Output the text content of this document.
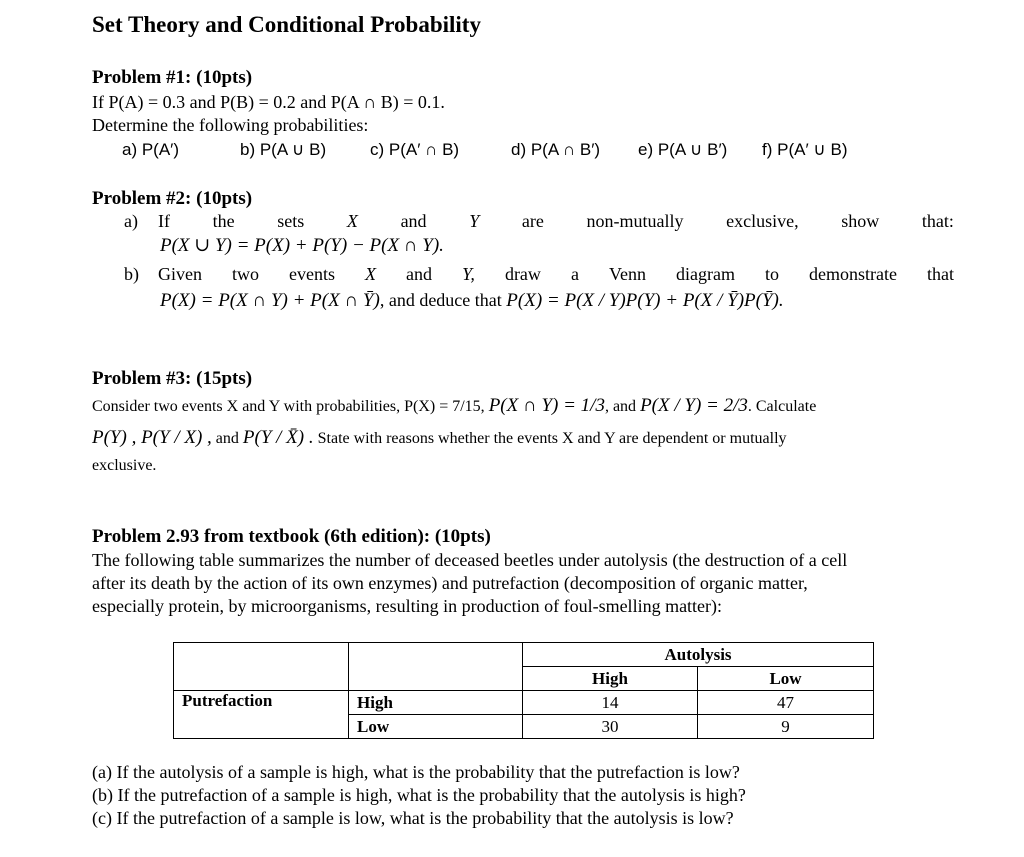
Set Theory and Conditional Probability
Problem #1: (10pts)
If P(A) = 0.3 and P(B) = 0.2 and P(A ∩ B) = 0.1.
Determine the following probabilities:
a) P(A′)	b) P(A ∪ B)	c) P(A′ ∩ B)	d) P(A ∩ B′) e) P(A ∪ B′) f) P(A′ ∪ B)
Problem #2: (10pts)
a) If the sets X and Y are non-mutually exclusive, show that:
P(X ∪ Y) = P(X) + P(Y) − P(X ∩ Y).
b) Given two events X and Y, draw a Venn diagram to demonstrate that
P(X) = P(X ∩ Y) + P(X ∩ Ȳ), and deduce that P(X) = P(X / Y)P(Y) + P(X / Ȳ)P(Ȳ).
Problem #3: (15pts)
Consider two events X and Y with probabilities, P(X) = 7/15, P(X ∩ Y) = 1/3, and P(X / Y) = 2/3. Calculate
P(Y) , P(Y / X) , and P(Y / X̄) . State with reasons whether the events X and Y are dependent or mutually
exclusive.
Problem 2.93 from textbook (6th edition): (10pts)
The following table summarizes the number of deceased beetles under autolysis (the destruction of a cell
after its death by the action of its own enzymes) and putrefaction (decomposition of organic matter,
especially protein, by microorganisms, resulting in production of foul-smelling matter):
		Autolysis	
		High	Low
Putrefaction	High	14	47
	Low	30	9
(a) If the autolysis of a sample is high, what is the probability that the putrefaction is low?
(b) If the putrefaction of a sample is high, what is the probability that the autolysis is high?
(c) If the putrefaction of a sample is low, what is the probability that the autolysis is low?
